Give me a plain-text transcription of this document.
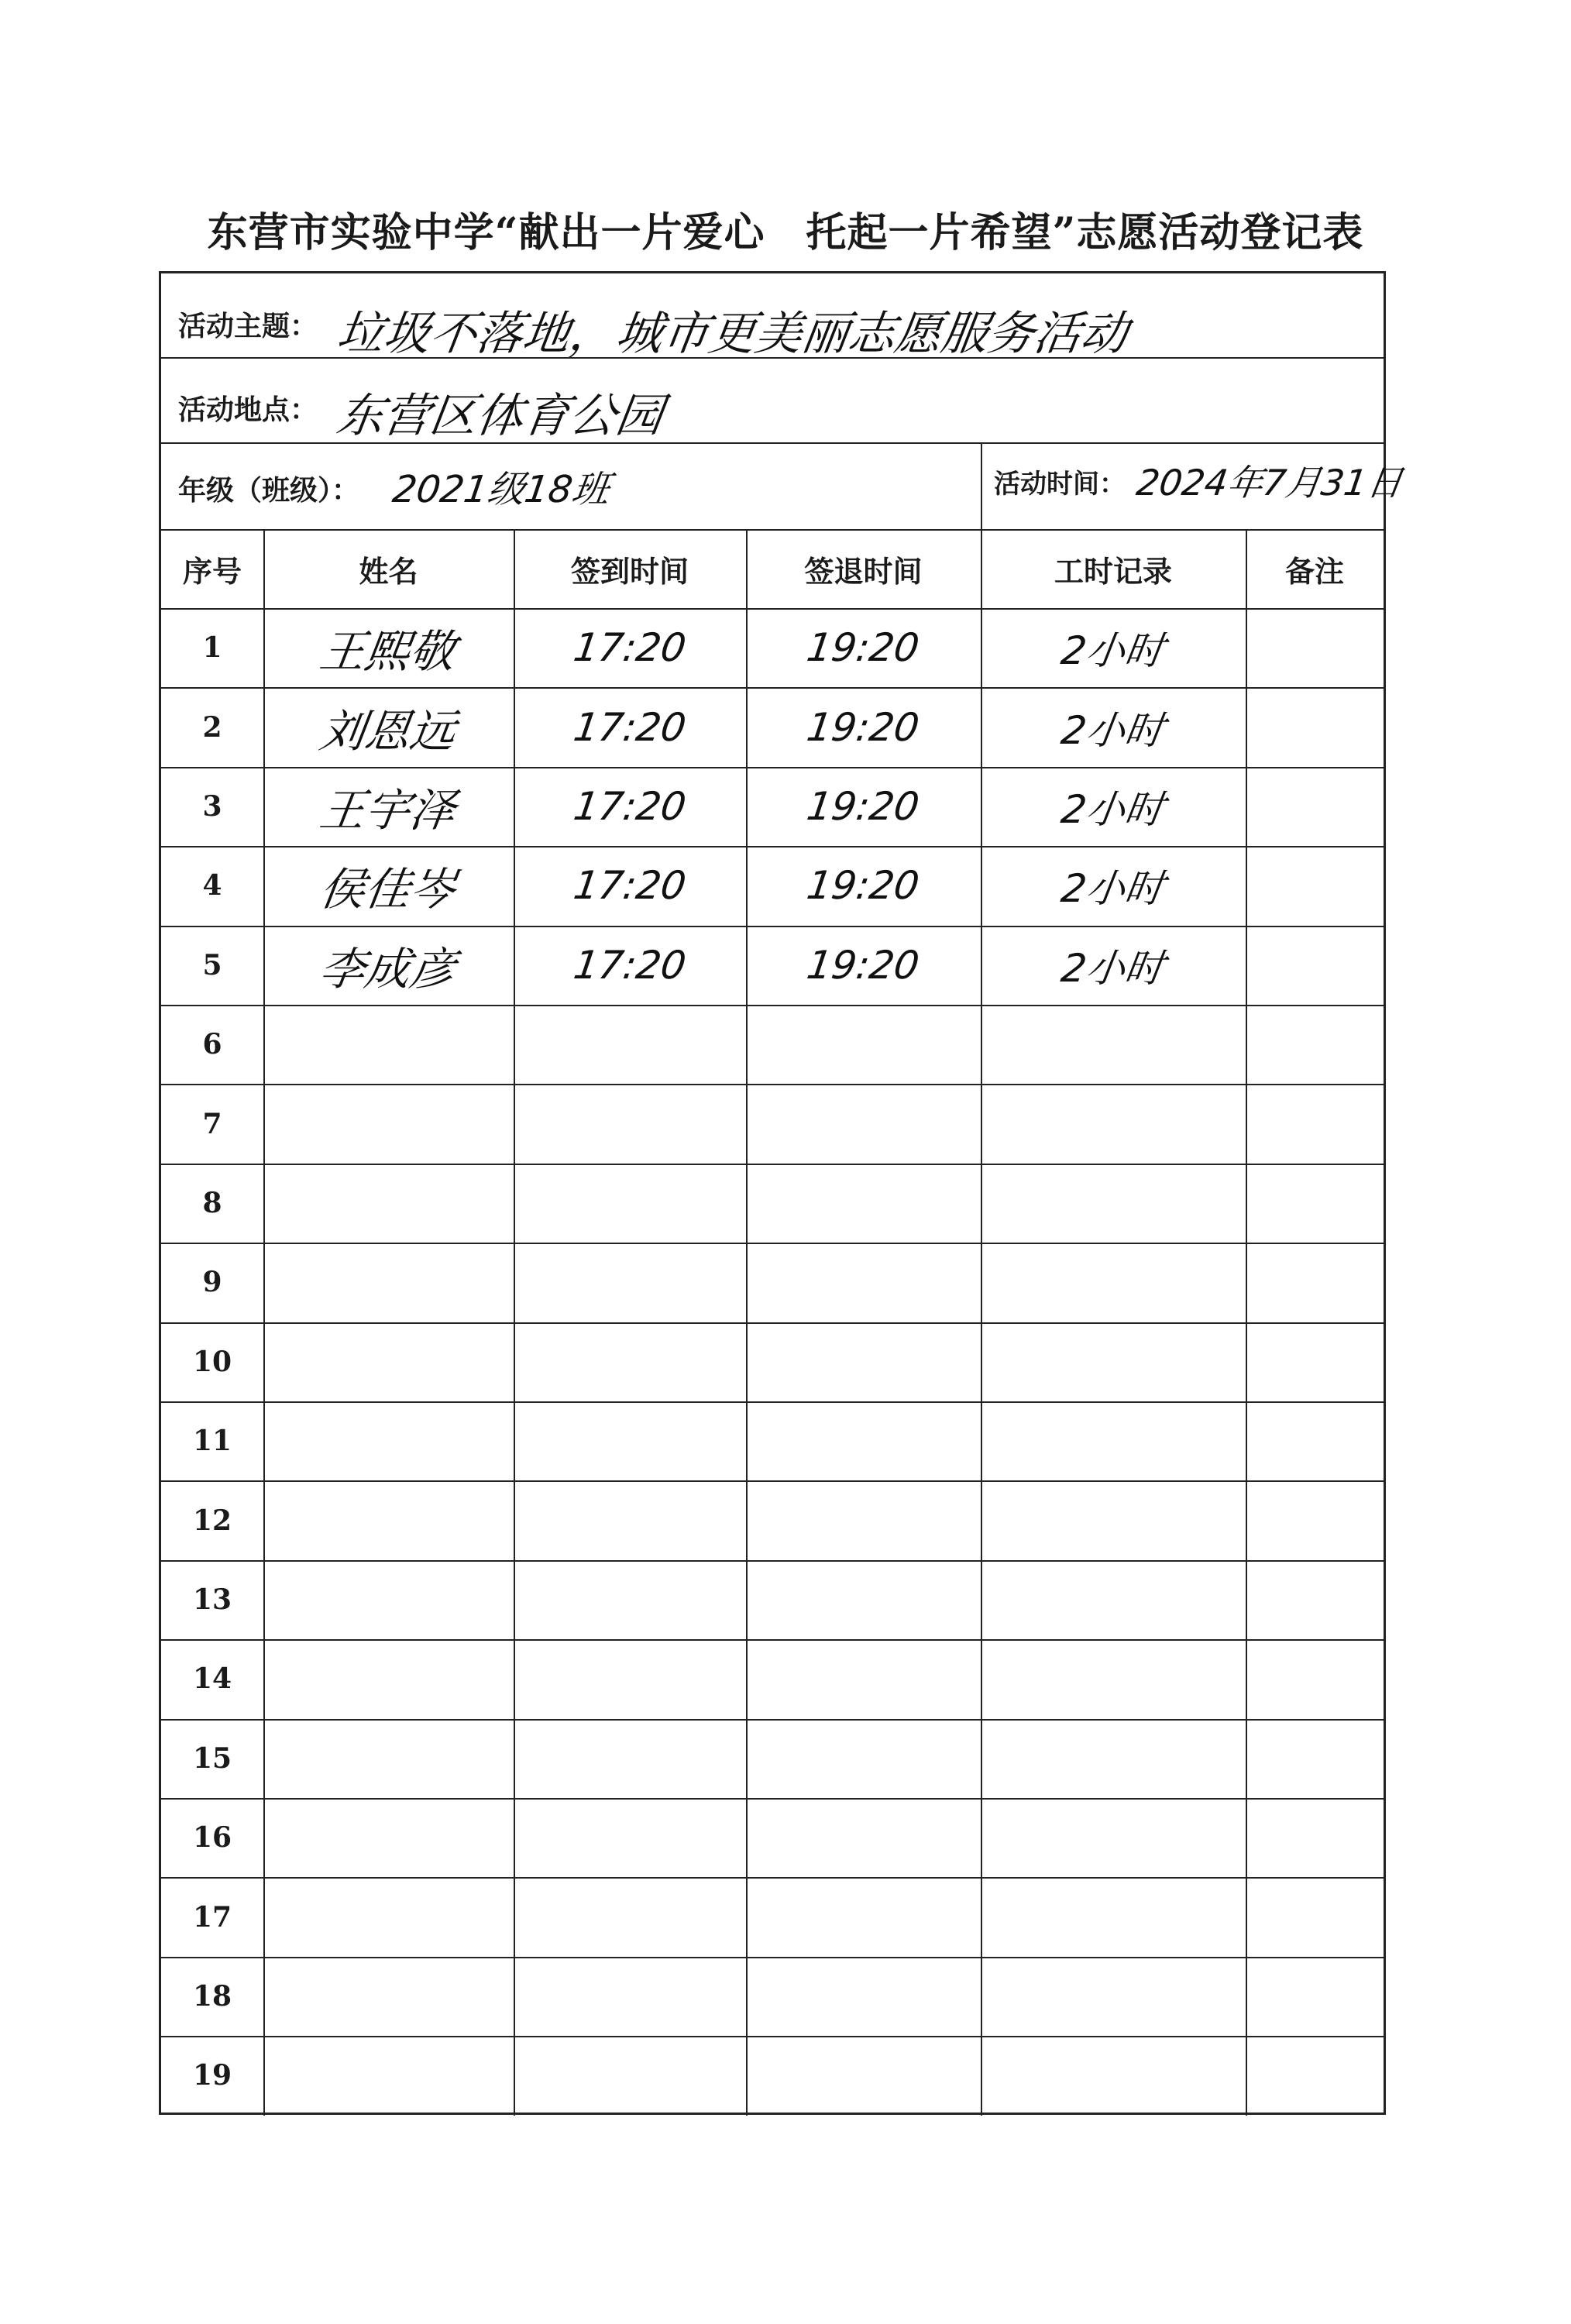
东营市实验中学“献出一片爱心　托起一片希望”志愿活动登记表
活动主题： 垃圾不落地，城市更美丽志愿服务活动
活动地点： 东营区体育公园
年级（班级）： 2021级18班	活动时间： 2024年7月31日
序号	姓名	签到时间	签退时间	工时记录	备注
1	王熙敬	17:20	19:20	2小时
2	刘恩远	17:20	19:20	2小时
3	王宇泽	17:20	19:20	2小时
4	侯佳岑	17:20	19:20	2小时
5	李成彦	17:20	19:20	2小时
6
7
8
9
10
11
12
13
14
15
16
17
18
19
